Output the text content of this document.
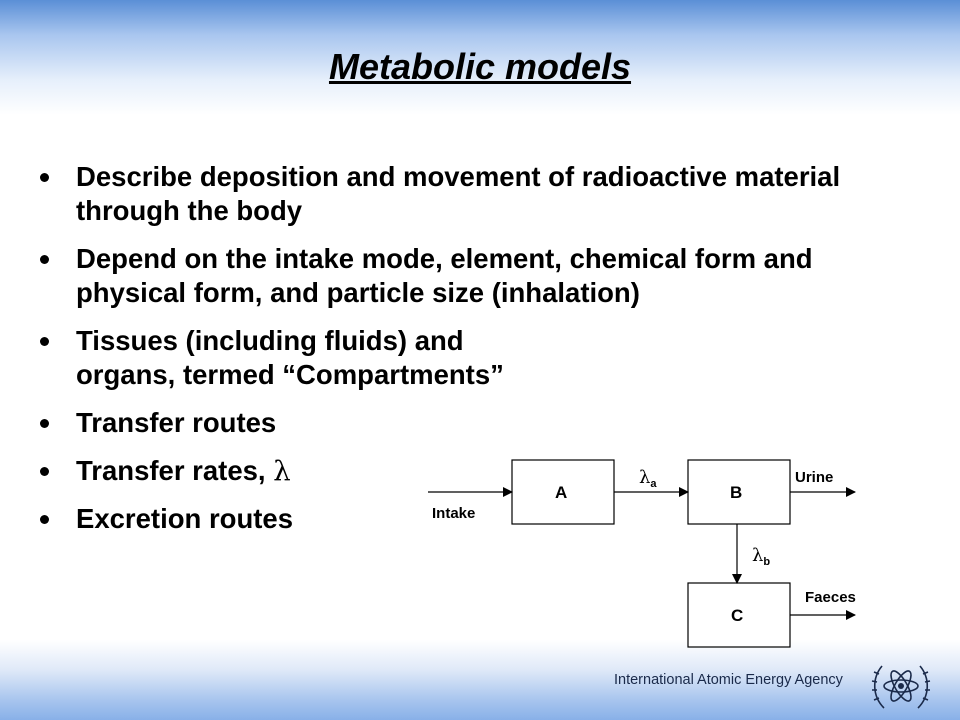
Metabolic models
Describe deposition and movement of radioactive material through the body
Depend on the intake mode, element, chemical form and physical form, and particle size (inhalation)
Tissues (including fluids) and organs, termed “Compartments”
Transfer routes
Transfer rates, λ
Excretion routes
A	B
C
Intake
Urine
Faeces
$\lambda_a$
$\lambda_b$
International Atomic Energy Agency
